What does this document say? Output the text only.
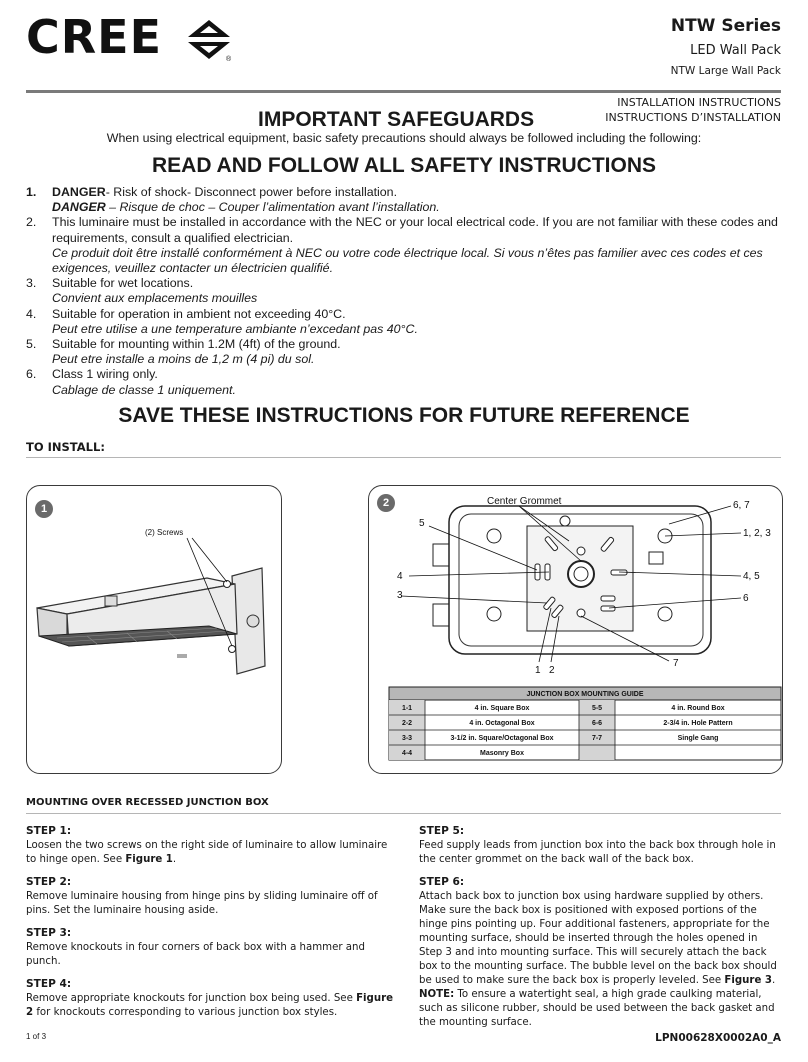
CREE	®
NTW Series
LED Wall Pack
NTW Large Wall Pack
INSTALLATION INSTRUCTIONS
INSTRUCTIONS D’INSTALLATION
IMPORTANT SAFEGUARDS
When using electrical equipment, basic safety precautions should always be followed including the following:
READ AND FOLLOW ALL SAFETY INSTRUCTIONS
1. DANGER- Risk of shock- Disconnect power before installation.
DANGER – Risque de choc – Couper l’alimentation avant l’installation.
2. This luminaire must be installed in accordance with the NEC or your local electrical code. If you are not familiar with these codes and requirements, consult a qualified electrician.
Ce produit doit être installé conformément à NEC ou votre code électrique local. Si vous n’êtes pas familier avec ces codes et ces exigences, veuillez contacter un électricien qualifié.
3. Suitable for wet locations.
Convient aux emplacements mouilles
4. Suitable for operation in ambient not exceeding 40°C.
Peut etre utilise a une temperature ambiante n’excedant pas 40°C.
5. Suitable for mounting within 1.2M (4ft) of the ground.
Peut etre installe a moins de 1,2 m (4 pi) du sol.
6. Class 1 wiring only.
Cablage de classe 1 uniquement.
SAVE THESE INSTRUCTIONS FOR FUTURE REFERENCE
TO INSTALL:
1
(2) Screws
2	Center Grommet	6, 7
5
1, 2, 3
4	4, 5
3	6
1 2
7
JUNCTION BOX MOUNTING GUIDE
1-1	4 in. Square Box	5-5	4 in. Round Box
2-2	4 in. Octagonal Box	6-6	2-3/4 in. Hole Pattern
3-3	3-1/2 in. Square/Octagonal Box	7-7	Single Gang
4-4	Masonry Box
MOUNTING OVER RECESSED JUNCTION BOX
STEP 1:

Loosen the two screws on the right side of luminaire to allow luminaire to hinge open. See Figure 1.

STEP 2:

Remove luminaire housing from hinge pins by sliding luminaire off of pins. Set the luminaire housing aside.

STEP 3:

Remove knockouts in four corners of back box with a hammer and punch.

STEP 4:

Remove appropriate knockouts for junction box being used. See Figure 2 for knockouts corresponding to various junction box styles.

STEP 5:

Feed supply leads from junction box into the back box through hole in the center grommet on the back wall of the back box.

STEP 6:

Attach back box to junction box using hardware supplied by others. Make sure the back box is positioned with exposed portions of the hinge pins pointing up. Four additional fasteners, appropriate for the mounting surface, should be inserted through the holes opened in Step 3 and into mounting surface. This will securely attach the back box to the mounting surface. The bubble level on the back box should be used to make sure the back box is properly leveled. See Figure 3.

NOTE: To ensure a watertight seal, a high grade caulking material, such as silicone rubber, should be used between the back gasket and the mounting surface.

1 of 3	LPN00628X0002A0_A
